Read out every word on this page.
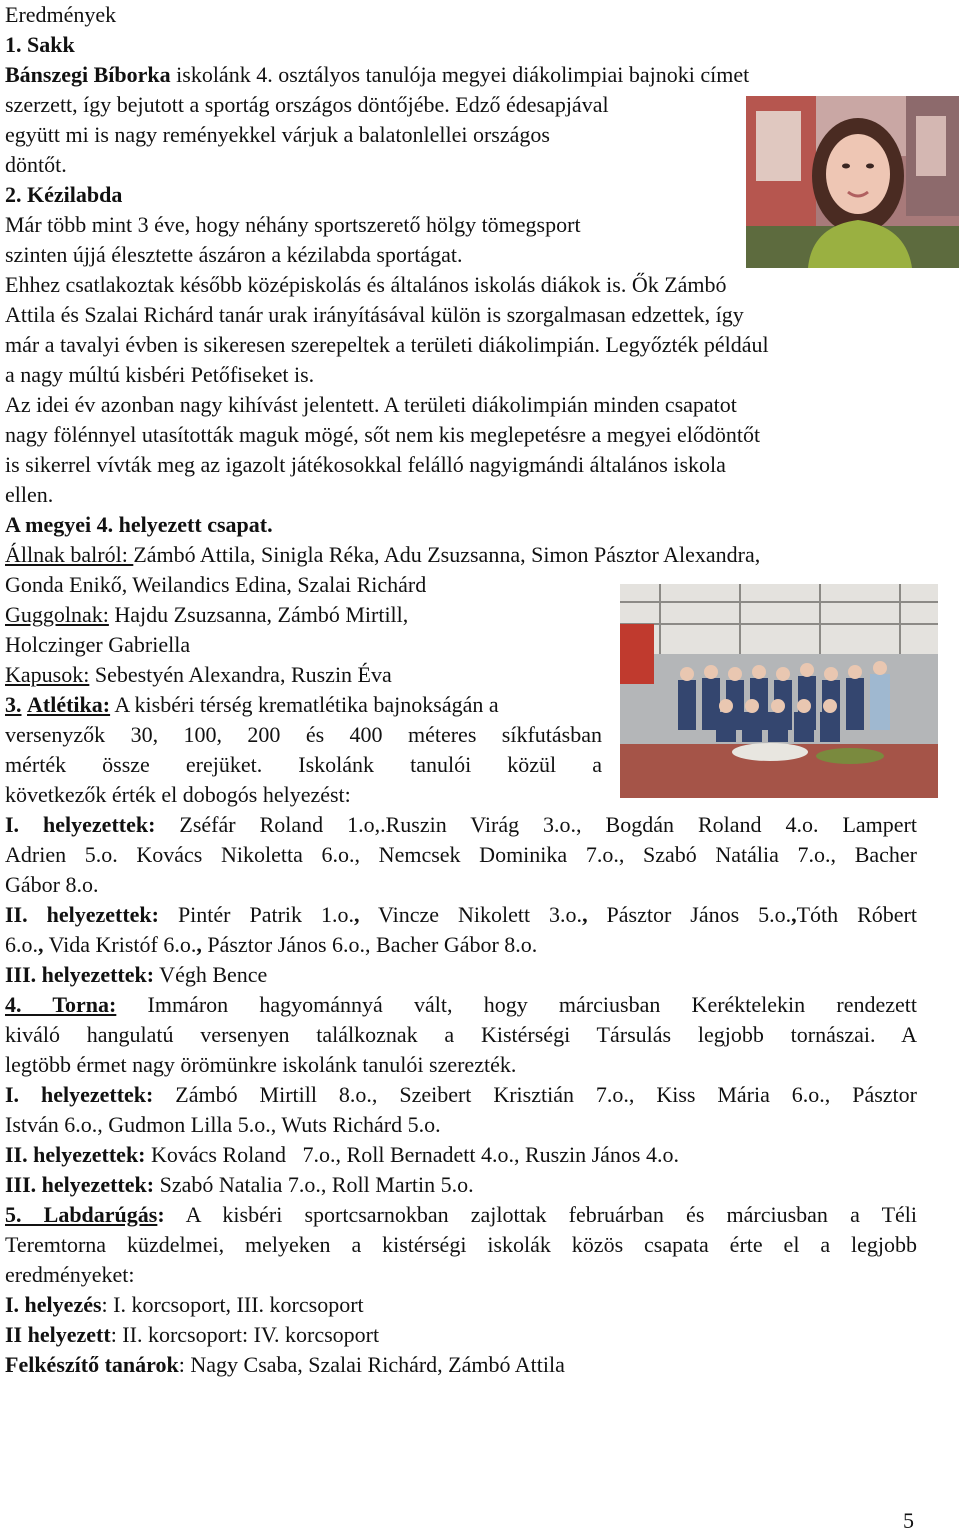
Eredmények
1. Sakk
Bánszegi Bíborka iskolánk 4. osztályos tanulója megyei diákolimpiai bajnoki címet
szerzett, így bejutott a sportág országos döntőjébe. Edző édesapjával
együtt mi is nagy reményekkel várjuk a balatonlellei országos
döntőt.
2. Kézilabda
Már több mint 3 éve, hogy néhány sportszerető hölgy tömegsport
szinten újjá élesztette ászáron a kézilabda sportágat.
Ehhez csatlakoztak később középiskolás és általános iskolás diákok is. Ők Zámbó
Attila és Szalai Richárd tanár urak irányításával külön is szorgalmasan edzettek, így
már a tavalyi évben is sikeresen szerepeltek a területi diákolimpián. Legyőzték például
a nagy múltú kisbéri Petőfiseket is.
Az idei év azonban nagy kihívást jelentett. A területi diákolimpián minden csapatot
nagy fölénnyel utasították maguk mögé, sőt nem kis meglepetésre a megyei elődöntőt
is sikerrel vívták meg az igazolt játékosokkal feláll​ó nagyigmándi általános iskola
ellen.
A megyei 4. helyezett csapat.
Állnak balról: Zámbó Attila, Sinigla Réka, Adu Zsuzsanna, Simon Pásztor Alexandra,
Gonda Enikő, Weilandics Edina, Szalai Richárd
Guggolnak: Hajdu Zsuzsanna, Zámbó Mirtill,
Holczinger Gabriella
Kapusok: Sebestyén Alexandra, Ruszin Éva
3. Atlétika: A kisbéri térség krematlétika bajnokságán a
versenyzők 30, 100, 200 és 400 méteres síkfutásban
mérték össze erejüket. Iskolánk tanulói közül a
következők érték el dobogós helyezést:
I. helyezettek: Zséfár Roland 1.o,.Ruszin Virág 3.o., Bogdán Roland 4.o. Lampert
Adrien 5.o. Kovács Nikoletta 6.o., Nemcsek Dominika 7.o., Szabó Natália 7.o., Bacher
Gábor 8.o.
II. helyezettek: Pintér Patrik 1.o., Vincze Nikolett 3.o., Pásztor János 5.o.,Tóth Róbert
6.o., Vida Kristóf 6.o., Pásztor János 6.o., Bacher Gábor 8.o.
III. helyezettek: Végh Bence
4. Torna: Immáron hagyománnyá vált, hogy márciusban Keréktelekin rendezett
kiváló hangulatú versenyen találkoznak a Kistérségi Társulás legjobb tornászai. A
legtöbb érmet nagy örömünkre iskolánk tanulói szerezték.
I. helyezettek: Zámbó Mirtill 8.o., Szeibert Krisztián 7.o., Kiss Mária 6.o., Pásztor
István 6.o., Gudmon Lilla 5.o., Wuts Richárd 5.o.
II. helyezettek: Kovács Roland   7.o., Roll Bernadett 4.o., Ruszin János 4.o.
III. helyezettek: Szabó Natalia 7.o., Roll Martin 5.o.
5. Labdarúgás: A kisbéri sportcsarnokban zajlottak februárban és márciusban a Téli
Teremtorna küzdelmei, melyeken a kistérségi iskolák közös csapata érte el a legjobb
eredményeket:
I. helyezés: I. korcsoport, III. korcsoport
II helyezett: II. korcsoport: IV. korcsoport
Felkészítő tanárok: Nagy Csaba, Szalai Richárd, Zámbó Attila
5
